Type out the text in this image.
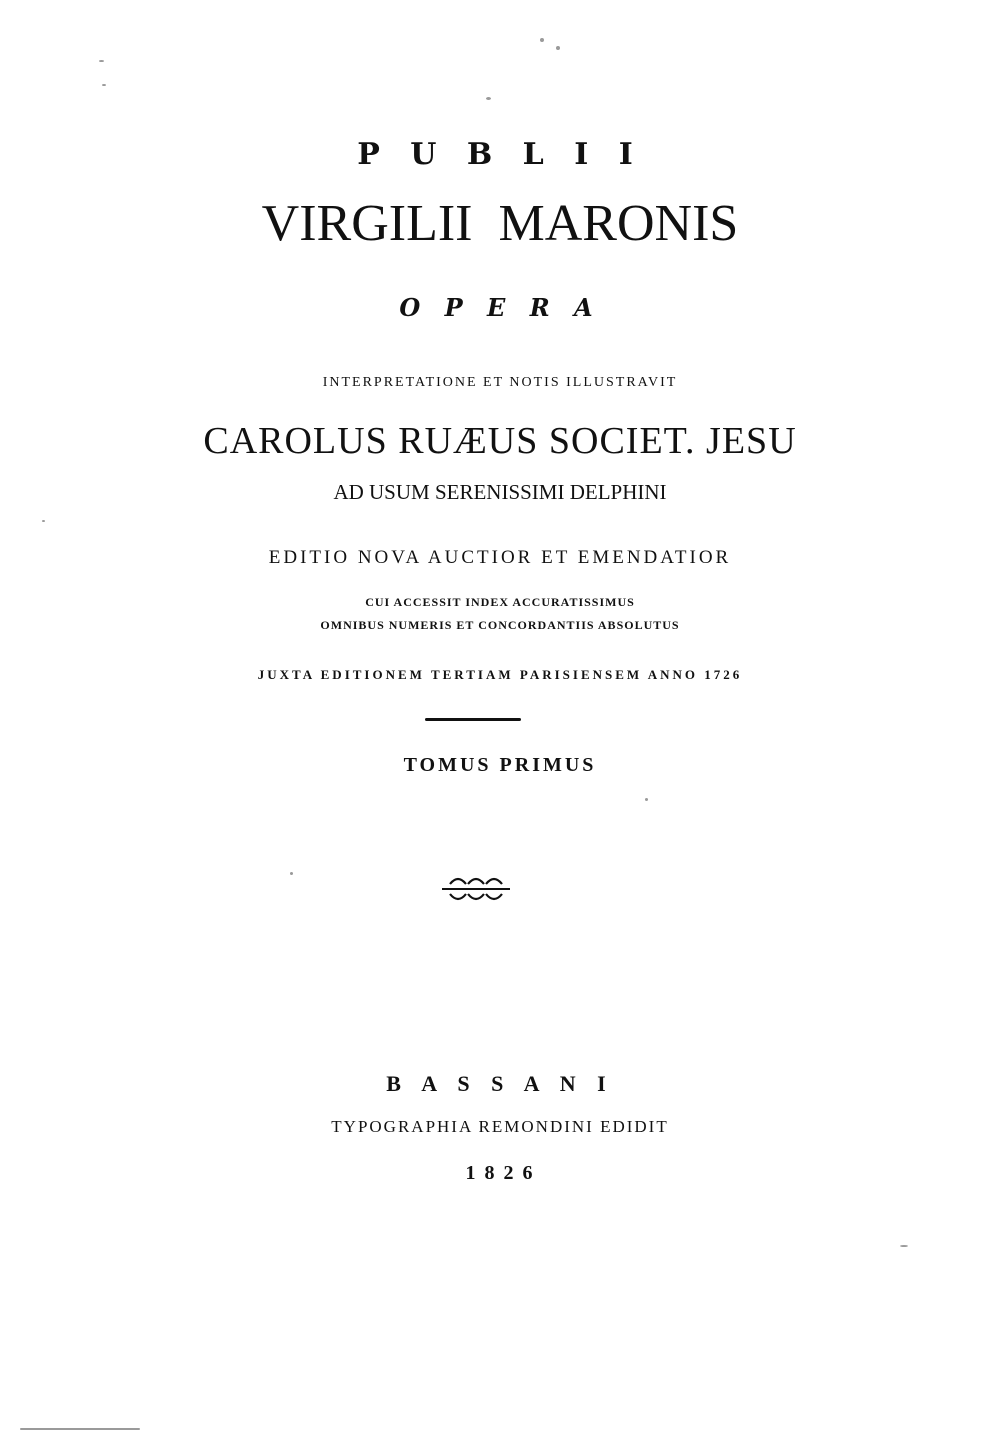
P U B L I I
VIRGILII  MARONIS
O P E R A
INTERPRETATIONE ET NOTIS ILLUSTRAVIT
CAROLUS RUÆUS SOCIET. JESU
AD USUM SERENISSIMI DELPHINI
EDITIO NOVA AUCTIOR ET EMENDATIOR
CUI ACCESSIT INDEX ACCURATISSIMUS
OMNIBUS NUMERIS ET CONCORDANTIIS ABSOLUTUS
JUXTA EDITIONEM TERTIAM PARISIENSEM ANNO 1726
TOMUS PRIMUS
B A S S A N I
TYPOGRAPHIA REMONDINI EDIDIT
1 8 2 6
